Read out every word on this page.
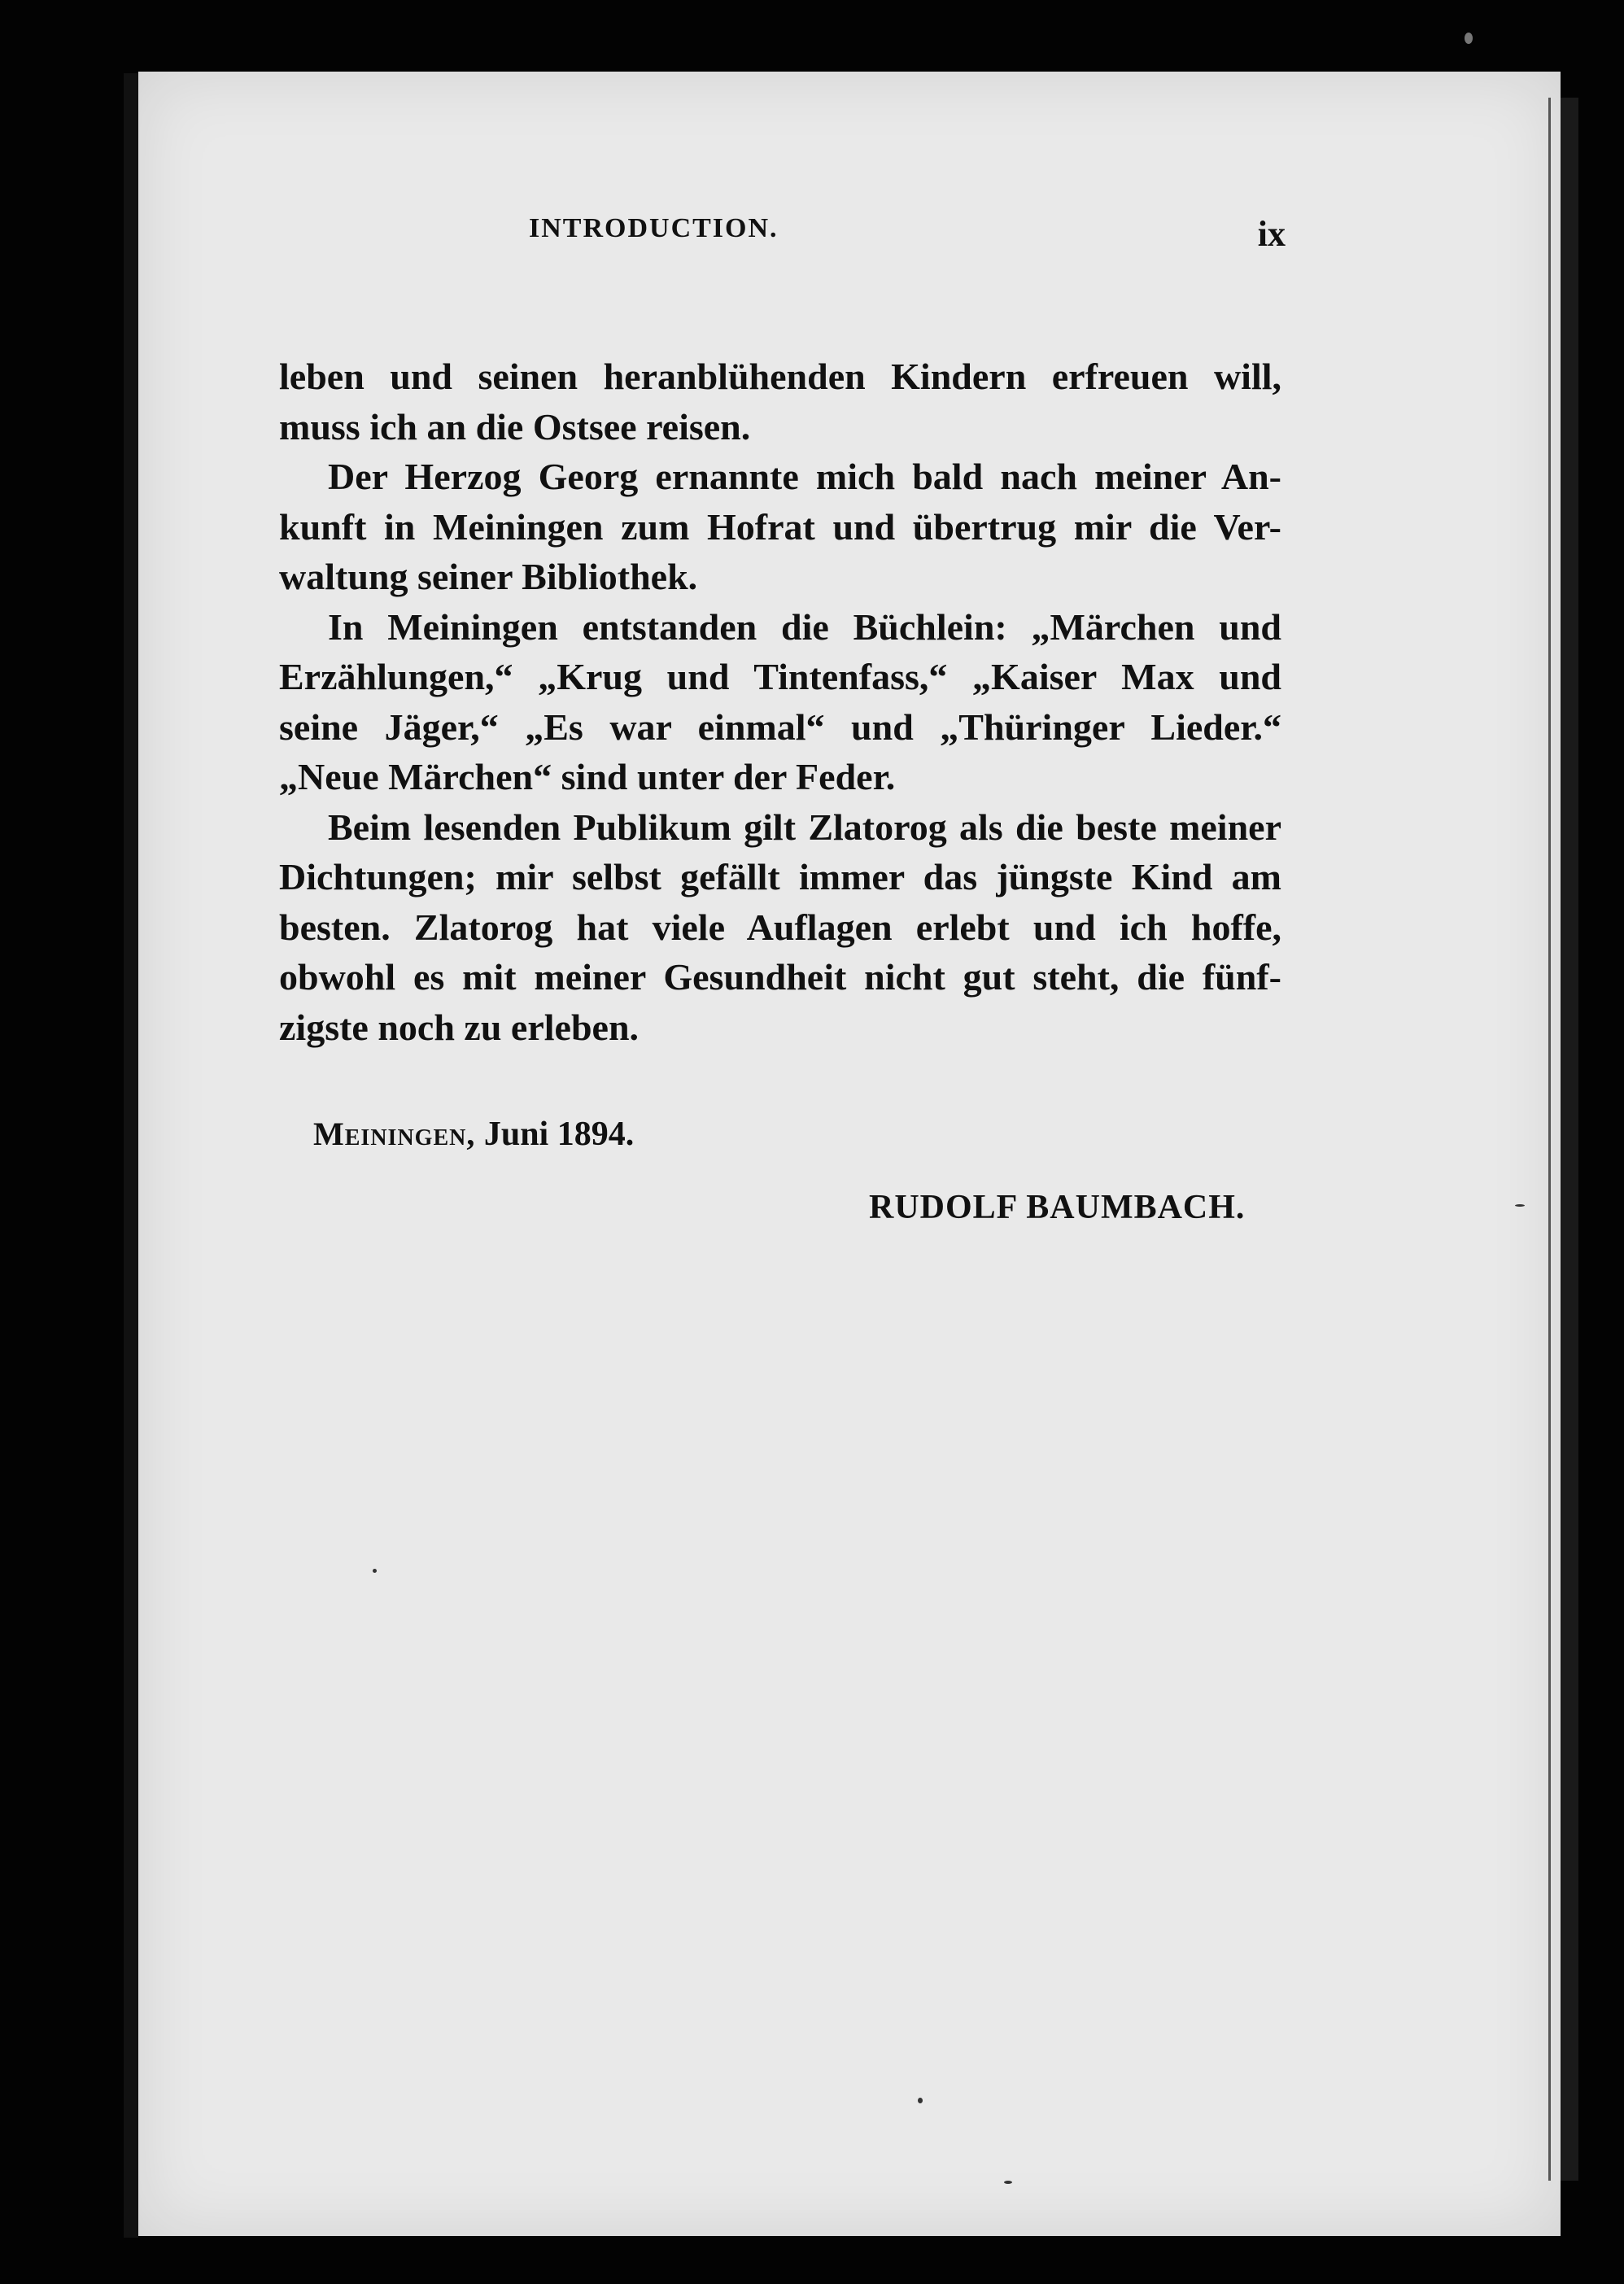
INTRODUCTION.	ix
leben und seinen heranblühenden Kindern erfreuen will,
muss ich an die Ostsee reisen.
Der Herzog Georg ernannte mich bald nach meiner An-
kunft in Meiningen zum Hofrat und übertrug mir die Ver-
waltung seiner Bibliothek.
In Meiningen entstanden die Büchlein: „Märchen und
Erzählungen,“ „Krug und Tintenfass,“ „Kaiser Max und
seine Jäger,“ „Es war einmal“ und „Thüringer Lieder.“
„Neue Märchen“ sind unter der Feder.
Beim lesenden Publikum gilt Zlatorog als die beste meiner
Dichtungen; mir selbst gefällt immer das jüngste Kind am
besten. Zlatorog hat viele Auflagen erlebt und ich hoffe,
obwohl es mit meiner Gesundheit nicht gut steht, die fünf-
zigste noch zu erleben.
Meiningen, Juni 1894.
RUDOLF BAUMBACH.
